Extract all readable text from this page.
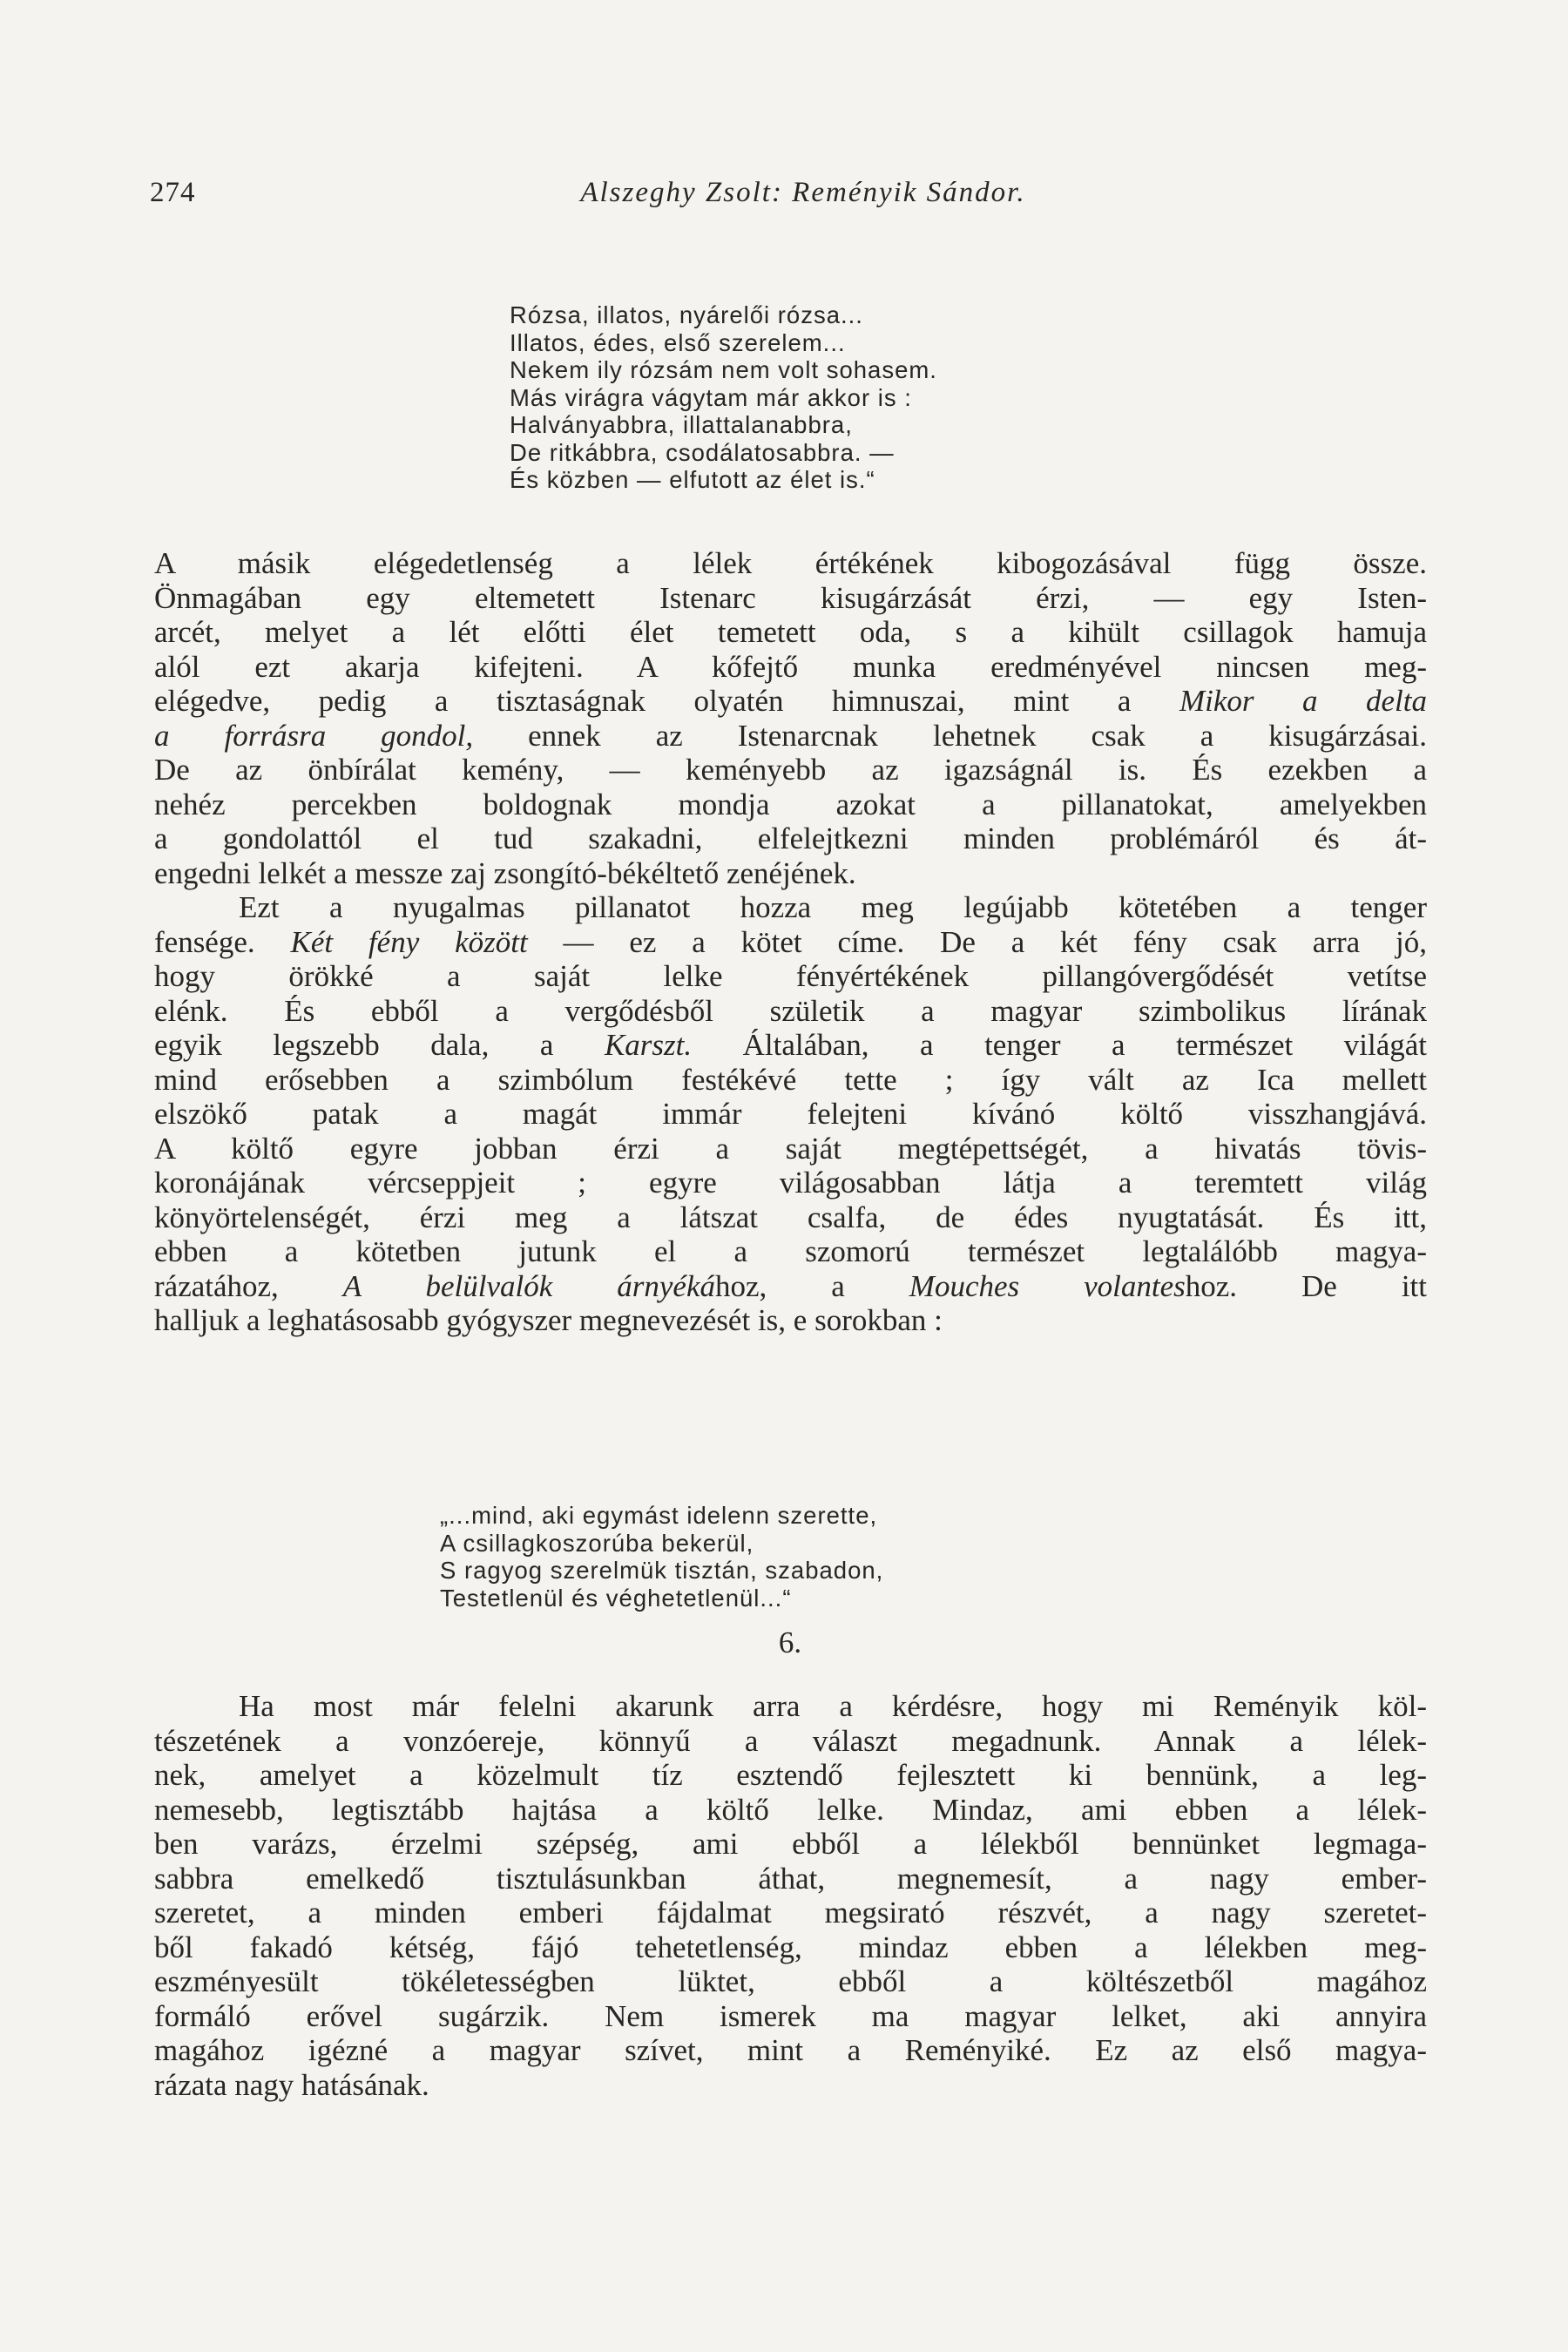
274	Alszeghy Zsolt: Reményik Sándor.
Rózsa, illatos, nyárelői rózsa...
Illatos, édes, első szerelem...
Nekem ily rózsám nem volt sohasem.
Más virágra vágytam már akkor is :
Halványabbra, illattalanabbra,
De ritkábbra, csodálatosabbra. —
És közben — elfutott az élet is.“
A másik elégedetlenség a lélek értékének kibogozásával függ össze.
Önmagában egy eltemetett Istenarc kisugárzását érzi, — egy Isten-
arcét, melyet a lét előtti élet temetett oda, s a kihült csillagok hamuja
alól ezt akarja kifejteni. A kőfejtő munka eredményével nincsen meg-
elégedve, pedig a tisztaságnak olyatén himnuszai, mint a Mikor a delta
a forrásra gondol, ennek az Istenarcnak lehetnek csak a kisugárzásai.
De az önbírálat kemény, — keményebb az igazságnál is. És ezekben a
nehéz percekben boldognak mondja azokat a pillanatokat, amelyekben
a gondolattól el tud szakadni, elfelejtkezni minden problémáról és át-
engedni lelkét a messze zaj zsongító-békéltető zenéjének.
Ezt a nyugalmas pillanatot hozza meg legújabb kötetében a tenger
fensége. Két fény között — ez a kötet címe. De a két fény csak arra jó,
hogy örökké a saját lelke fényértékének pillangóvergődését vetítse
elénk. És ebből a vergődésből születik a magyar szimbolikus lírának
egyik legszebb dala, a Karszt. Általában, a tenger a természet világát
mind erősebben a szimbólum festékévé tette ; így vált az Ica mellett
elszökő patak a magát immár felejteni kívánó költő visszhangjává.
A költő egyre jobban érzi a saját megtépettségét, a hivatás tövis-
koronájának vércseppjeit ; egyre világosabban látja a teremtett világ
könyörtelenségét, érzi meg a látszat csalfa, de édes nyugtatását. És itt,
ebben a kötetben jutunk el a szomorú természet legtalálóbb magya-
rázatához, A belülvalók árnyékához, a Mouches volanteshoz. De itt
halljuk a leghatásosabb gyógyszer megnevezését is, e sorokban :
„...mind, aki egymást idelenn szerette,
A csillagkoszorúba bekerül,
S ragyog szerelmük tisztán, szabadon,
Testetlenül és véghetetlenül...“
6.
Ha most már felelni akarunk arra a kérdésre, hogy mi Reményik köl-
tészetének a vonzóereje, könnyű a választ megadnunk. Annak a lélek-
nek, amelyet a közelmult tíz esztendő fejlesztett ki bennünk, a leg-
nemesebb, legtisztább hajtása a költő lelke. Mindaz, ami ebben a lélek-
ben varázs, érzelmi szépség, ami ebből a lélekből bennünket legmaga-
sabbra emelkedő tisztulásunkban áthat, megnemesít, a nagy ember-
szeretet, a minden emberi fájdalmat megsirató részvét, a nagy szeretet-
ből fakadó kétség, fájó tehetetlenség, mindaz ebben a lélekben meg-
eszményesült tökéletességben lüktet, ebből a költészetből magához
formáló erővel sugárzik. Nem ismerek ma magyar lelket, aki annyira
magához igézné a magyar szívet, mint a Reményiké. Ez az első magya-
rázata nagy hatásának.
